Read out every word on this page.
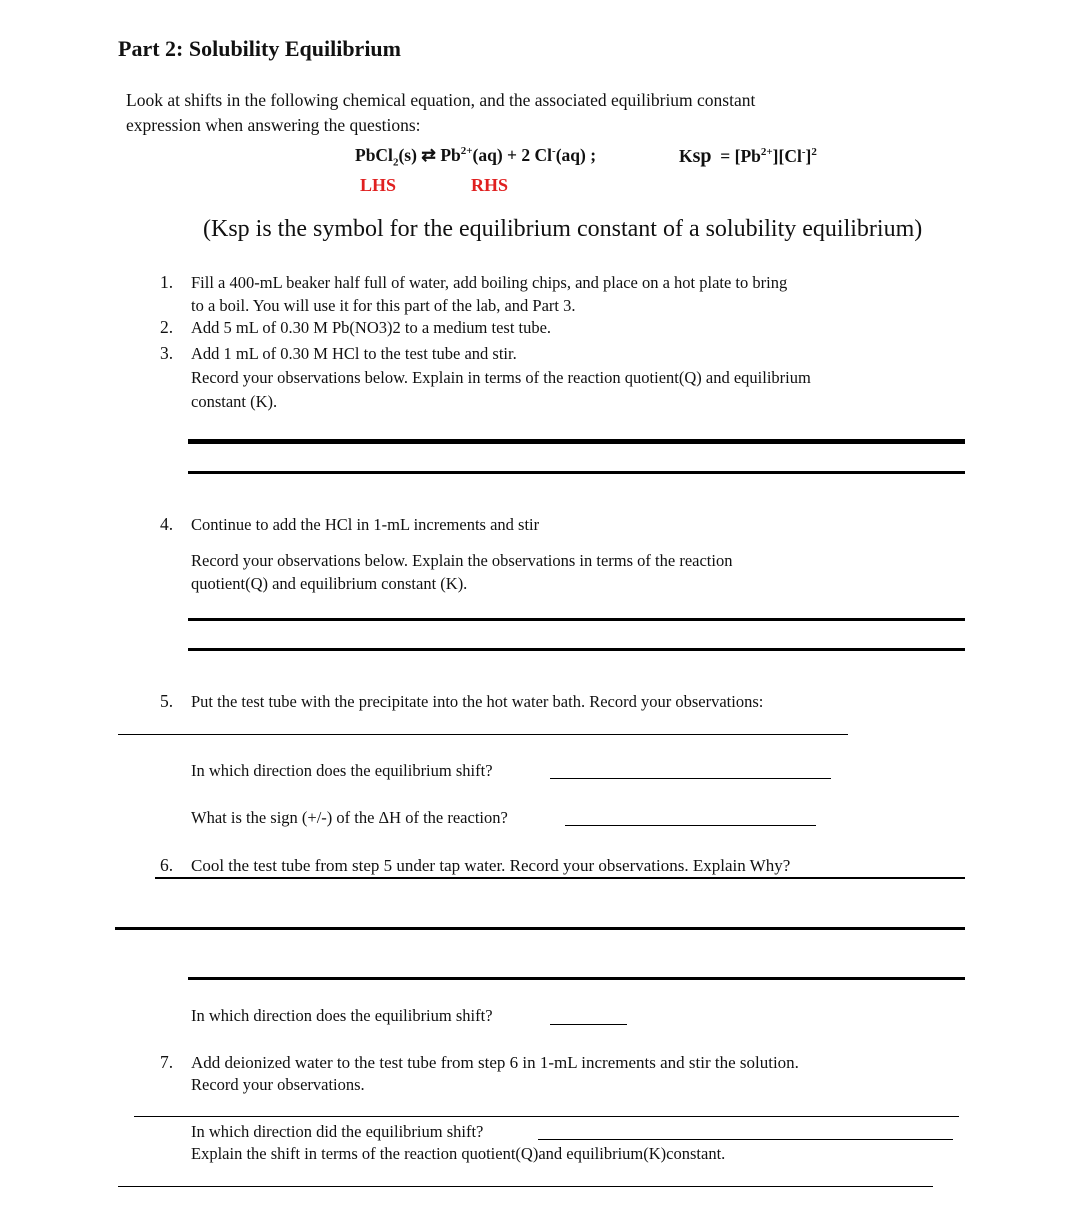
Part 2: Solubility Equilibrium
Look at shifts in the following chemical equation, and the associated equilibrium constant
expression when answering the questions:
PbCl$_2$(s) ⇄ $Pb^{2+}(aq) + 2$ Cl-(aq) ;	Ksp = $[Pb^{2+}][Cl^-]^2$
LHS	RHS
(Ksp is the symbol for the equilibrium constant of a solubility equilibrium)
1. Fill a 400-mL beaker half full of water, add boiling chips, and place on a hot plate to bring
to a boil. You will use it for this part of the lab, and Part 3.
2. Add 5 mL of 0.30 M Pb(NO3)2 to a medium test tube.
3. Add 1 mL of 0.30 M HCl to the test tube and stir.
Record your observations below. Explain in terms of the reaction quotient(Q) and equilibrium
constant (K).
4. Continue to add the HCl in 1-mL increments and stir
Record your observations below. Explain the observations in terms of the reaction
quotient(Q) and equilibrium constant (K).
5. Put the test tube with the precipitate into the hot water bath. Record your observations:
In which direction does the equilibrium shift?
What is the sign (+/-) of the ΔH of the reaction?
6. Cool the test tube from step 5 under tap water. Record your observations. Explain Why?
In which direction does the equilibrium shift?
7. Add deionized water to the test tube from step 6 in 1-mL increments and stir the solution.
Record your observations.
In which direction did the equilibrium shift?
Explain the shift in terms of the reaction quotient(Q)and equilibrium(K)constant.
